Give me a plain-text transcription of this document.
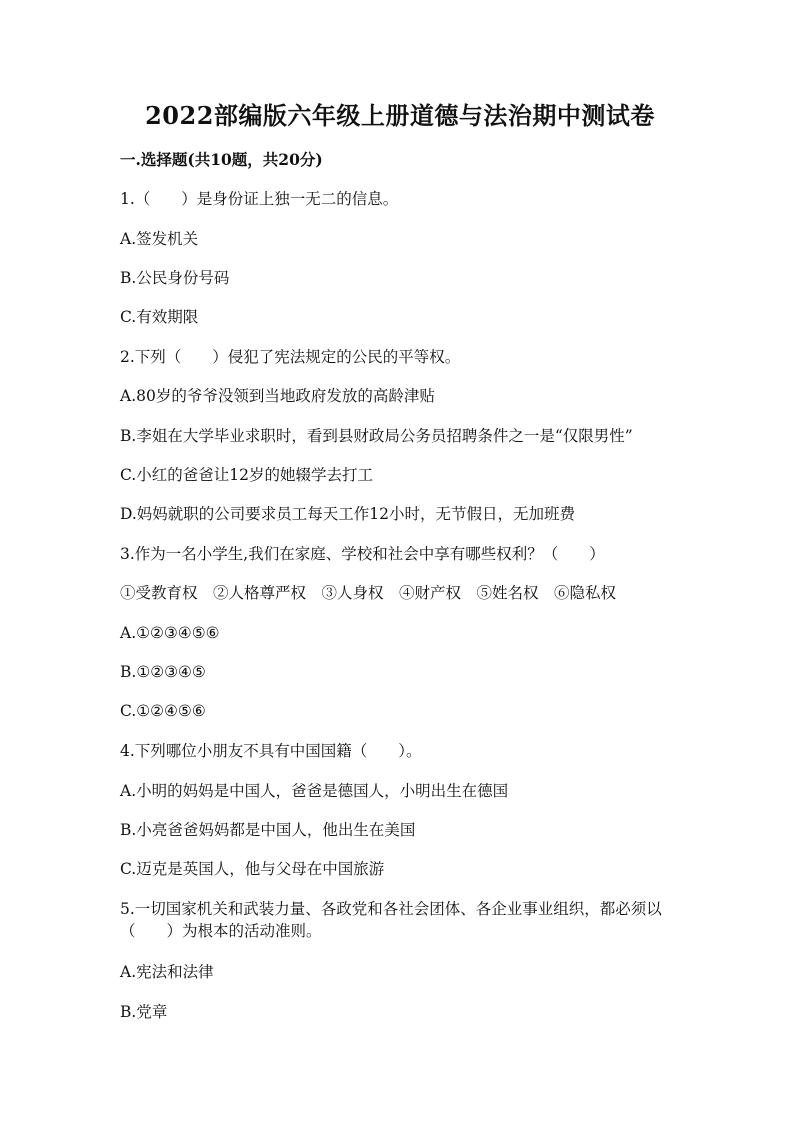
2022部编版六年级上册道德与法治期中测试卷
一.选择题(共10题，共20分)
1.（　　）是身份证上独一无二的信息。
A.签发机关
B.公民身份号码
C.有效期限
2.下列（　　）侵犯了宪法规定的公民的平等权。
A.80岁的爷爷没领到当地政府发放的高龄津贴
B.李姐在大学毕业求职时，看到县财政局公务员招聘条件之一是“仅限男性”
C.小红的爸爸让12岁的她辍学去打工
D.妈妈就职的公司要求员工每天工作12小时，无节假日，无加班费
3.作为一名小学生,我们在家庭、学校和社会中享有哪些权利？（　　）
①受教育权　②人格尊严权　③人身权　④财产权　⑤姓名权　⑥隐私权
A.①②③④⑤⑥
B.①②③④⑤
C.①②④⑤⑥
4.下列哪位小朋友不具有中国国籍（　　）。
A.小明的妈妈是中国人，爸爸是德国人，小明出生在德国
B.小亮爸爸妈妈都是中国人，他出生在美国
C.迈克是英国人，他与父母在中国旅游
5.一切国家机关和武装力量、各政党和各社会团体、各企业事业组织，都必须以（　　）为根本的活动准则。
A.宪法和法律
B.党章
